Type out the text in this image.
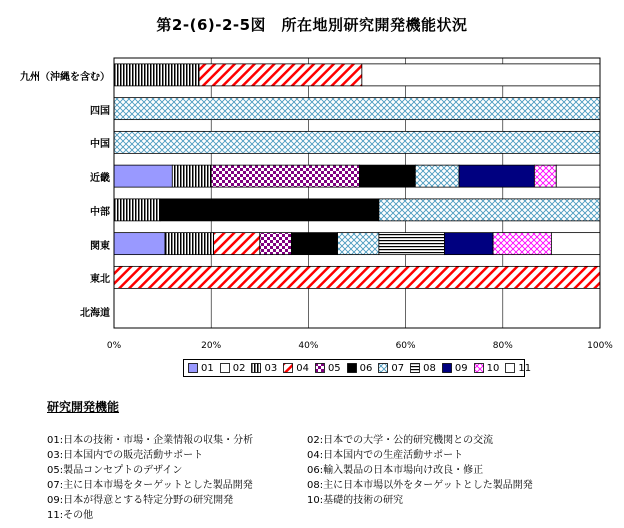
第2-(6)-2-5図　所在地別研究開発機能状況
九州（沖縄を含む）
四国
中国
近畿
中部
関東
東北
北海道
0%	20%	40%	60%	80%	100%
01 02 03 04 05 06 07 08 09 10 11
研究開発機能
01:日本の技術・市場・企業情報の収集・分析	02:日本での大学・公的研究機関との交流
03:日本国内での販売活動サポート	04:日本国内での生産活動サポート
05:製品コンセプトのデザイン	06:輸入製品の日本市場向け改良・修正
07:主に日本市場をターゲットとした製品開発	08:主に日本市場以外をターゲットとした製品開発
09:日本が得意とする特定分野の研究開発	10:基礎的技術の研究
11:その他
